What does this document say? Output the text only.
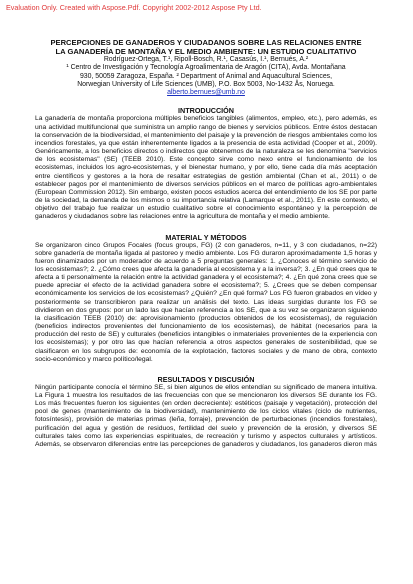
Evaluation Only. Created with Aspose.Pdf. Copyright 2002-2012 Aspose Pty Ltd.

PERCEPCIONES DE GANADEROS Y CIUDADANOS SOBRE LAS RELACIONES ENTRE

LA GANADERÍA DE MONTAÑA Y EL MEDIO AMBIENTE: UN ESTUDIO CUALITATIVO

Rodríguez-Ortega, T.¹, Ripoll-Bosch, R.¹, Casasús, I.¹, Bernués, A.²

¹ Centro de Investigación y Tecnología Agroalimentaria de Aragón (CITA), Avda. Montañana

930, 50059 Zaragoza, España. ² Department of Animal and Aquacultural Sciences,

Norwegian University of Life Sciences (UMB), P.O. Box 5003, No-1432 Ås, Noruega.

alberto.bernues@umb.no

INTRODUCCIÓN

La ganadería de montaña proporciona múltiples beneficios tangibles (alimentos, empleo, etc.), pero además, es una actividad multifuncional que suministra un amplio rango de bienes y servicios públicos. Entre éstos destacan la conservación de la biodiversidad, el mantenimiento del paisaje y la prevención de riesgos ambientales como los incendios forestales, ya que están inherentemente ligados a la presencia de esta actividad (Cooper et al., 2009). Genéricamente, a los beneficios directos o indirectos que obtenemos de la naturaleza se les denomina "servicios de los ecosistemas" (SE) (TEEB 2010). Este concepto sirve como nexo entre el funcionamiento de los ecosistemas, incluidos los agro-ecosistemas, y el bienestar humano, y por ello, tiene cada día más aceptación entre científicos y gestores a la hora de resaltar estrategias de gestión ambiental (Chan et al., 2011) o de establecer pagos por el mantenimiento de diversos servicios públicos en el marco de políticas agro-ambientales (European Commission 2012). Sin embargo, existen pocos estudios acerca del entendimiento de los SE por parte de la sociedad, la demanda de los mismos o su importancia relativa (Lamarque et al., 2011). En este contexto, el objetivo del trabajo fue realizar un estudio cualitativo sobre el conocimiento espontáneo y la percepción de ganaderos y ciudadanos sobre las relaciones entre la agricultura de montaña y el medio ambiente.

MATERIAL Y MÉTODOS

Se organizaron cinco Grupos Focales (focus groups, FG) (2 con ganaderos, n=11, y 3 con ciudadanos, n=22) sobre ganadería de montaña ligada al pastoreo y medio ambiente. Los FG duraron aproximadamente 1,5 horas y fueron dinamizados por un moderador de acuerdo a 5 preguntas generales: 1. ¿Conoces el término servicio de los ecosistemas?; 2. ¿Cómo crees que afecta la ganadería al ecosistema y a la inversa?; 3. ¿En qué crees que te afecta a ti personalmente la relación entre la actividad ganadera y el ecosistema?; 4. ¿En qué zona crees que se puede apreciar el efecto de la actividad ganadera sobre el ecosistema?; 5. ¿Crees que se deben compensar económicamente los servicios de los ecosistemas? ¿Quién? ¿En qué forma? Los FG fueron grabados en vídeo y posteriormente se transcribieron para realizar un análisis del texto. Las ideas surgidas durante los FG se dividieron en dos grupos: por un lado las que hacían referencia a los SE, que a su vez se organizaron siguiendo la clasificación TEEB (2010) de: aprovisionamiento (productos obtenidos de los ecosistemas), de regulación (beneficios indirectos provenientes del funcionamiento de los ecosistemas), de hábitat (necesarios para la producción del resto de SE) y culturales (beneficios intangibles o inmateriales provenientes de la experiencia con los ecosistemas); y por otro las que hacían referencia a otros aspectos generales de sostenibilidad, que se clasificaron en los subgrupos de: economía de la explotación, factores sociales y de mano de obra, contexto socio-económico y marco político/legal.

RESULTADOS Y DISCUSIÓN

Ningún participante conocía el término SE, si bien algunos de ellos entendían su significado de manera intuitiva. La Figura 1 muestra los resultados de las frecuencias con que se mencionaron los diversos SE durante los FG. Los más frecuentes fueron los siguientes (en orden decreciente): estéticos (paisaje y vegetación), protección del pool de genes (mantenimiento de la biodiversidad), mantenimiento de los ciclos vitales (ciclo de nutrientes, fotosíntesis), provisión de materias primas (leña, forraje), prevención de perturbaciones (incendios forestales), purificación del agua y gestión de residuos, fertilidad del suelo y prevención de la erosión, y diversos SE culturales tales como las experiencias espirituales, de recreación y turismo y aspectos culturales y artísticos. Además, se observaron diferencias entre las percepciones de ganaderos y ciudadanos, los ganaderos dieron más
